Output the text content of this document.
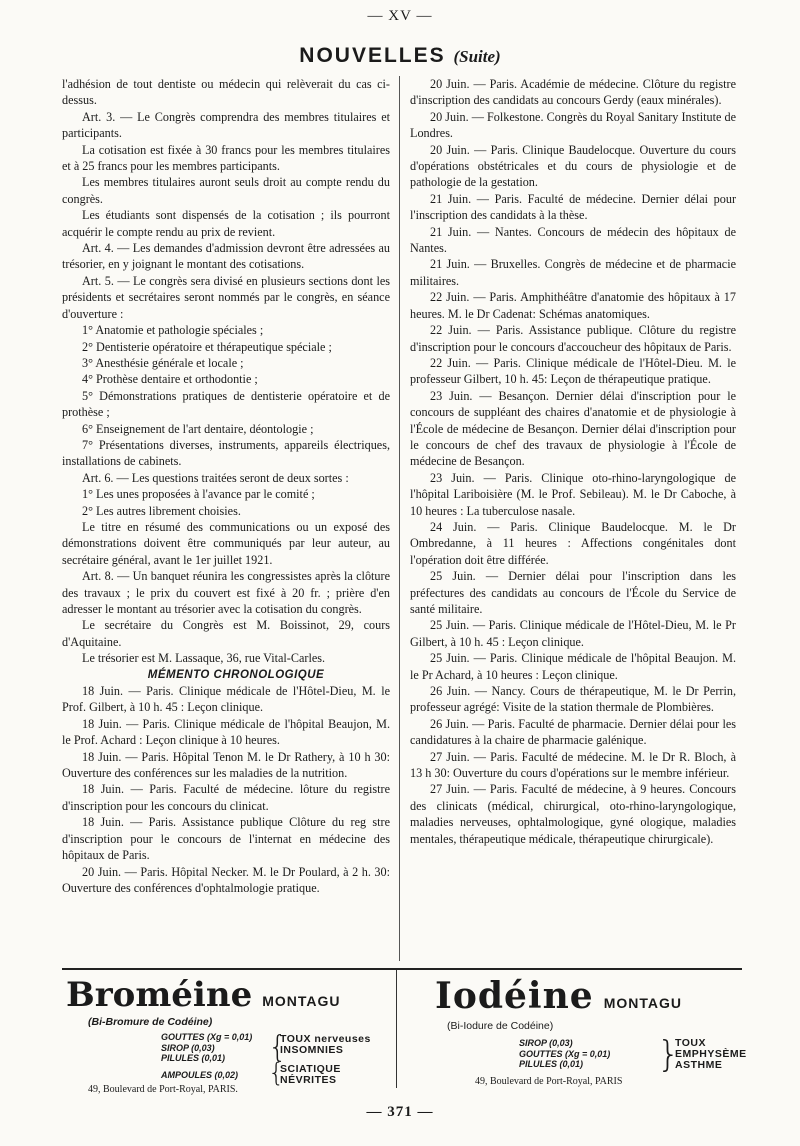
— XV —
NOUVELLES (Suite)

l'adhésion de tout dentiste ou médecin qui relèverait du cas ci-dessus.

Art. 3. — Le Congrès comprendra des membres titulaires et participants.

La cotisation est fixée à 30 francs pour les membres titulaires et à 25 francs pour les membres participants.

Les membres titulaires auront seuls droit au compte rendu du congrès.

Les étudiants sont dispensés de la cotisation ; ils pourront acquérir le compte rendu au prix de revient.

Art. 4. — Les demandes d'admission devront être adressées au trésorier, en y joignant le montant des cotisations.

Art. 5. — Le congrès sera divisé en plusieurs sections dont les présidents et secrétaires seront nommés par le congrès, en séance d'ouverture :

1° Anatomie et pathologie spéciales ;

2° Dentisterie opératoire et thérapeutique spéciale ;

3° Anesthésie générale et locale ;

4° Prothèse dentaire et orthodontie ;

5° Démonstrations pratiques de dentisterie opératoire et de prothèse ;

6° Enseignement de l'art dentaire, déontologie ;

7° Présentations diverses, instruments, appareils électriques, installations de cabinets.

Art. 6. — Les questions traitées seront de deux sortes :

1° Les unes proposées à l'avance par le comité ;

2° Les autres librement choisies.

Le titre en résumé des communications ou un exposé des démonstrations doivent être communiqués par leur auteur, au secrétaire général, avant le 1er juillet 1921.

Art. 8. — Un banquet réunira les congressistes après la clôture des travaux ; le prix du couvert est fixé à 20 fr. ; prière d'en adresser le montant au trésorier avec la cotisation du congrès.

Le secrétaire du Congrès est M. Boissinot, 29, cours d'Aquitaine.

Le trésorier est M. Lassaque, 36, rue Vital-Carles.

MÉMENTO CHRONOLOGIQUE

18 Juin. — Paris. Clinique médicale de l'Hôtel-Dieu, M. le Prof. Gilbert, à 10 h. 45 : Leçon clinique.

18 Juin. — Paris. Clinique médicale de l'hôpital Beaujon, M. le Prof. Achard : Leçon clinique à 10 heures.

18 Juin. — Paris. Hôpital Tenon M. le Dr Rathery, à 10 h 30: Ouverture des conférences sur les maladies de la nutrition.

18 Juin. — Paris. Faculté de médecine. lôture du registre d'inscription pour les concours du clinicat.

18 Juin. — Paris. Assistance publique Clôture du reg stre d'inscription pour le concours de l'internat en médecine des hôpitaux de Paris.

20 Juin. — Paris. Hôpital Necker. M. le Dr Poulard, à 2 h. 30: Ouverture des conférences d'ophtalmologie pratique.

20 Juin. — Paris. Académie de médecine. Clôture du registre d'inscription des candidats au concours Gerdy (eaux minérales).

20 Juin. — Folkestone. Congrès du Royal Sanitary Institute de Londres.

20 Juin. — Paris. Clinique Baudelocque. Ouverture du cours d'opérations obstétricales et du cours de physiologie et de pathologie de la gestation.

21 Juin. — Paris. Faculté de médecine. Dernier délai pour l'inscription des candidats à la thèse.

21 Juin. — Nantes. Concours de médecin des hôpitaux de Nantes.

21 Juin. — Bruxelles. Congrès de médecine et de pharmacie militaires.

22 Juin. — Paris. Amphithéâtre d'anatomie des hôpitaux à 17 heures. M. le Dr Cadenat: Schémas anatomiques.

22 Juin. — Paris. Assistance publique. Clôture du registre d'inscription pour le concours d'accoucheur des hôpitaux de Paris.

22 Juin. — Paris. Clinique médicale de l'Hôtel-Dieu. M. le professeur Gilbert, 10 h. 45: Leçon de thérapeutique pratique.

23 Juin. — Besançon. Dernier délai d'inscription pour le concours de suppléant des chaires d'anatomie et de physiologie à l'École de médecine de Besançon. Dernier délai d'inscription pour le concours de chef des travaux de physiologie à l'École de médecine de Besançon.

23 Juin. — Paris. Clinique oto-rhino-laryngologique de l'hôpital Lariboisière (M. le Prof. Sebileau). M. le Dr Caboche, à 10 heures : La tuberculose nasale.

24 Juin. — Paris. Clinique Baudelocque. M. le Dr Ombredanne, à 11 heures : Affections congénitales dont l'opération doit être différée.

25 Juin. — Dernier délai pour l'inscription dans les préfectures des candidats au concours de l'École du Service de santé militaire.

25 Juin. — Paris. Clinique médicale de l'Hôtel-Dieu, M. le Pr Gilbert, à 10 h. 45 : Leçon clinique.

25 Juin. — Paris. Clinique médicale de l'hôpital Beaujon. M. le Pr Achard, à 10 heures : Leçon clinique.

26 Juin. — Nancy. Cours de thérapeutique, M. le Dr Perrin, professeur agrégé: Visite de la station thermale de Plombières.

26 Juin. — Paris. Faculté de pharmacie. Dernier délai pour les candidatures à la chaire de pharmacie galénique.

27 Juin. — Paris. Faculté de médecine. M. le Dr R. Bloch, à 13 h 30: Ouverture du cours d'opérations sur le membre inférieur.

27 Juin. — Paris. Faculté de médecine, à 9 heures. Concours des clinicats (médical, chirurgical, oto-rhino-laryngologique, maladies nerveuses, ophtalmologique, gyné ologique, maladies mentales, thérapeutique médicale, thérapeutique chirurgicale).

Broméine MONTAGU
(Bi-Bromure de Codéine)
GOUTTES (Xg = 0,01)
SIROP (0,03)
PILULES (0,01)
AMPOULES (0,02)
{
TOUX nerveuses
INSOMNIES
{
SCIATIQUE
NÉVRITES
49, Boulevard de Port-Royal, PARIS.
Iodéine MONTAGU
(Bi-Iodure de Codéine)
SIROP (0,03)
GOUTTES (Xg = 0,01)
PILULES (0,01)	}
TOUX
EMPHYSÈME
ASTHME
49, Boulevard de Port-Royal, PARIS
— 371 —
